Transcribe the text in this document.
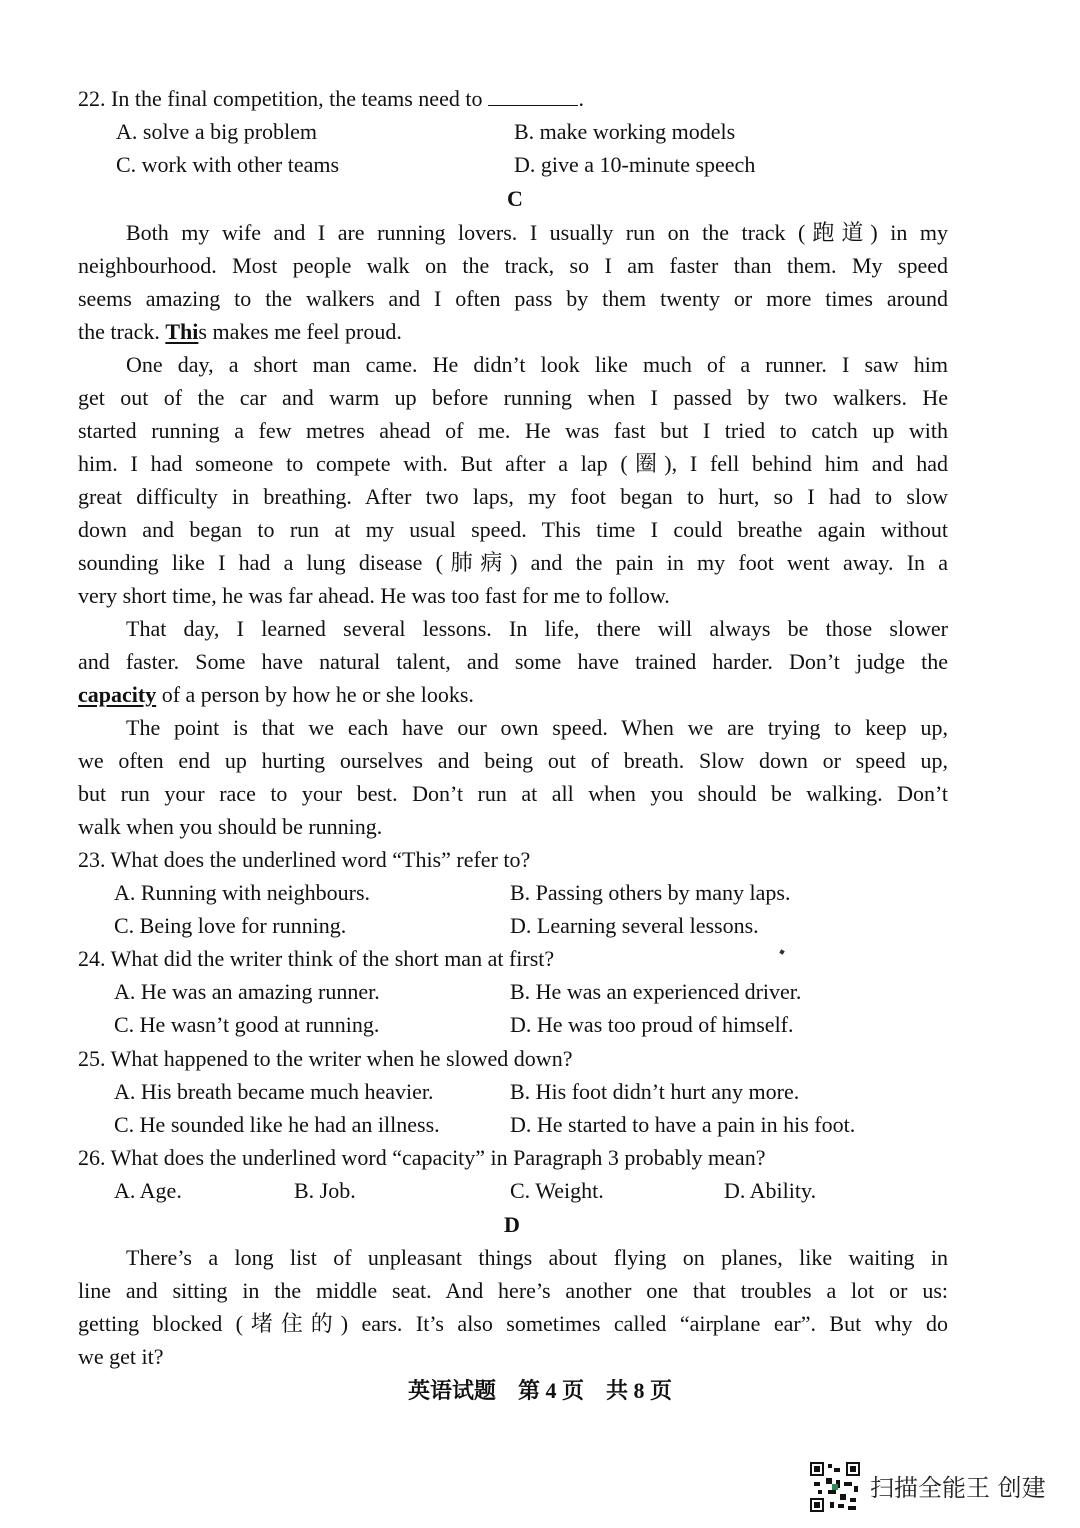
22. In the final competition, the teams need to	.
A. solve a big problem	B. make working models
C. work with other teams	D. give a 10-minute speech
C
Both my wife and I are running lovers. I usually run on the track (跑道) in my
neighbourhood. Most people walk on the track, so I am faster than them. My speed
seems amazing to the walkers and I often pass by them twenty or more times around
the track. This makes me feel proud.
One day, a short man came. He didn’t look like much of a runner. I saw him
get out of the car and warm up before running when I passed by two walkers. He
started running a few metres ahead of me. He was fast but I tried to catch up with
him. I had someone to compete with. But after a lap (圈), I fell behind him and had
great difficulty in breathing. After two laps, my foot began to hurt, so I had to slow
down and began to run at my usual speed. This time I could breathe again without
sounding like I had a lung disease (肺病) and the pain in my foot went away. In a
very short time, he was far ahead. He was too fast for me to follow.
That day, I learned several lessons. In life, there will always be those slower
and faster. Some have natural talent, and some have trained harder. Don’t judge the
capacity of a person by how he or she looks.
The point is that we each have our own speed. When we are trying to keep up,
we often end up hurting ourselves and being out of breath. Slow down or speed up,
but run your race to your best. Don’t run at all when you should be walking. Don’t
walk when you should be running.
23. What does the underlined word “This” refer to?
A. Running with neighbours.	B. Passing others by many laps.
C. Being love for running.	D. Learning several lessons.
24. What did the writer think of the short man at first?
A. He was an amazing runner.	B. He was an experienced driver.
C. He wasn’t good at running.	D. He was too proud of himself.
25. What happened to the writer when he slowed down?
A. His breath became much heavier.	B. His foot didn’t hurt any more.
C. He sounded like he had an illness.	D. He started to have a pain in his foot.
26. What does the underlined word “capacity” in Paragraph 3 probably mean?
A. Age.	B. Job.	C. Weight.	D. Ability.
D
There’s a long list of unpleasant things about flying on planes, like waiting in
line and sitting in the middle seat. And here’s another one that troubles a lot or us:
getting blocked (堵住的) ears. It’s also sometimes called “airplane ear”. But why do
we get it?
英语试题　第 4 页　共 8 页
扫描全能王 创建
